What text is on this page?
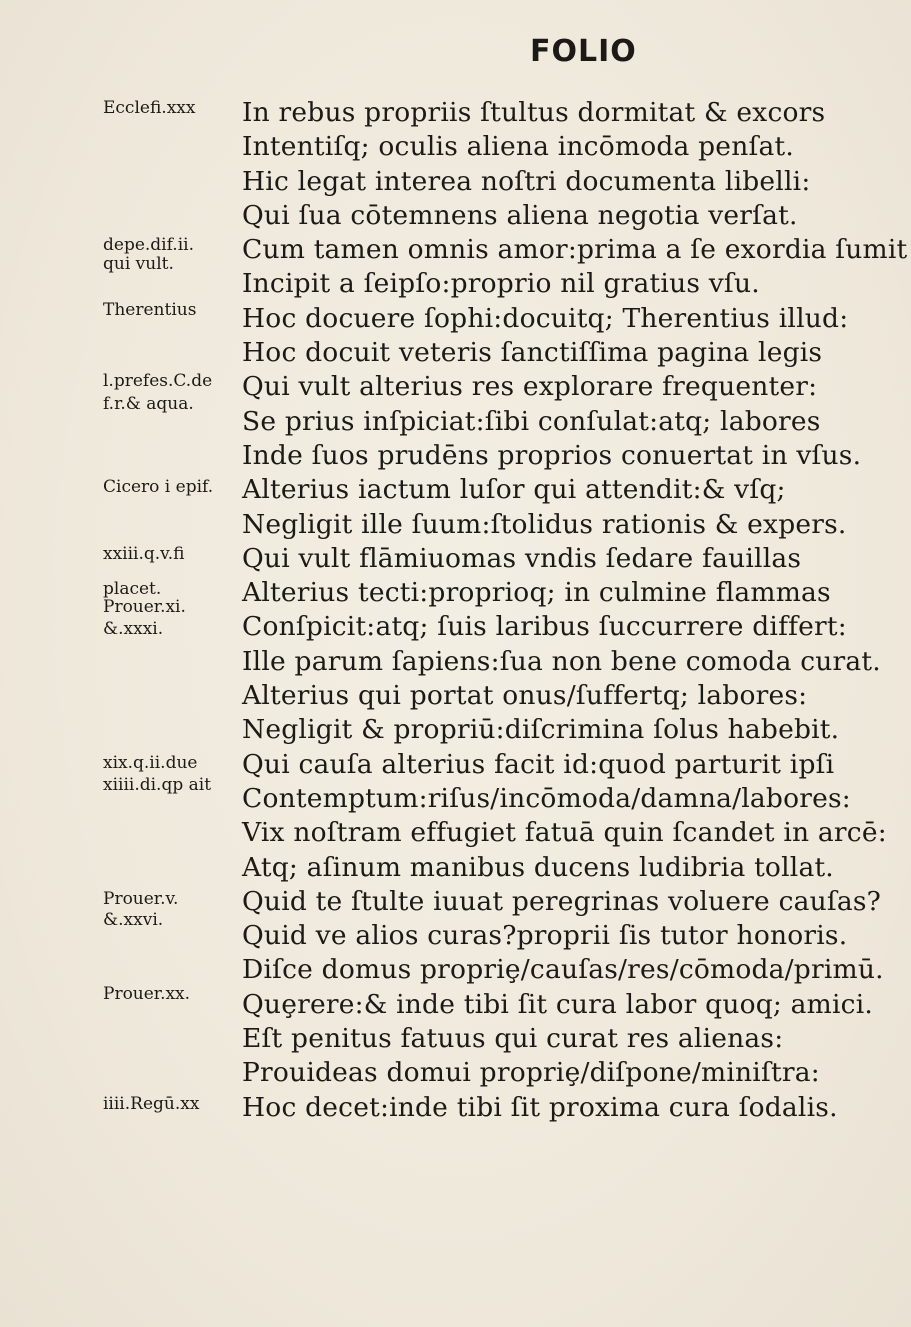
FOLIO
Ecclefi.xxx
depe.dif.ii.
qui vult.
Therentius
l.prefes.C.de
f.r.& aqua.
Cicero i epif.
xxiii.q.v.fi
placet.
Prouer.xi.
&.xxxi.
xix.q.ii.due
xiiii.di.qp ait
Prouer.v.
&.xxvi.
Prouer.xx.
iiii.Regū.xx
In rebus propriis ſtultus dormitat & excors
Intentiſq; oculis aliena incōmoda penſat.
Hic legat interea noſtri documenta libelli:
Qui ſua cōtemnens aliena negotia verſat.
Cum tamen omnis amor:prima a ſe exordia ſumit
Incipit a ſeipſo:proprio nil gratius vſu.
Hoc docuere ſophi:docuitq; Therentius illud:
Hoc docuit veteris ſanctiſſima pagina legis
Qui vult alterius res explorare frequenter:
Se prius inſpiciat:ſibi conſulat:atq; labores
Inde ſuos prudēns proprios conuertat in vſus.
Alterius iactum luſor qui attendit:& vſq;
Negligit ille ſuum:ſtolidus rationis & expers.
Qui vult flāmiuomas vndis ſedare fauillas
Alterius tecti:proprioq; in culmine flammas
Conſpicit:atq; ſuis laribus ſuccurrere differt:
Ille parum ſapiens:ſua non bene comoda curat.
Alterius qui portat onus/ſuffertq; labores:
Negligit & propriū:diſcrimina ſolus habebit.
Qui cauſa alterius facit id:quod parturit ipſi
Contemptum:riſus/incōmoda/damna/labores:
Vix noſtram effugiet fatuā quin ſcandet in arcē:
Atq; aſinum manibus ducens ludibria tollat.
Quid te ſtulte iuuat peregrinas voluere cauſas?
Quid ve alios curas?proprii ſis tutor honoris.
Diſce domus propriȩ/cauſas/res/cōmoda/primū.
Quȩrere:& inde tibi ſit cura labor quoq; amici.
Eſt penitus fatuus qui curat res alienas:
Prouideas domui propriȩ/diſpone/miniſtra:
Hoc decet:inde tibi ſit proxima cura ſodalis.
